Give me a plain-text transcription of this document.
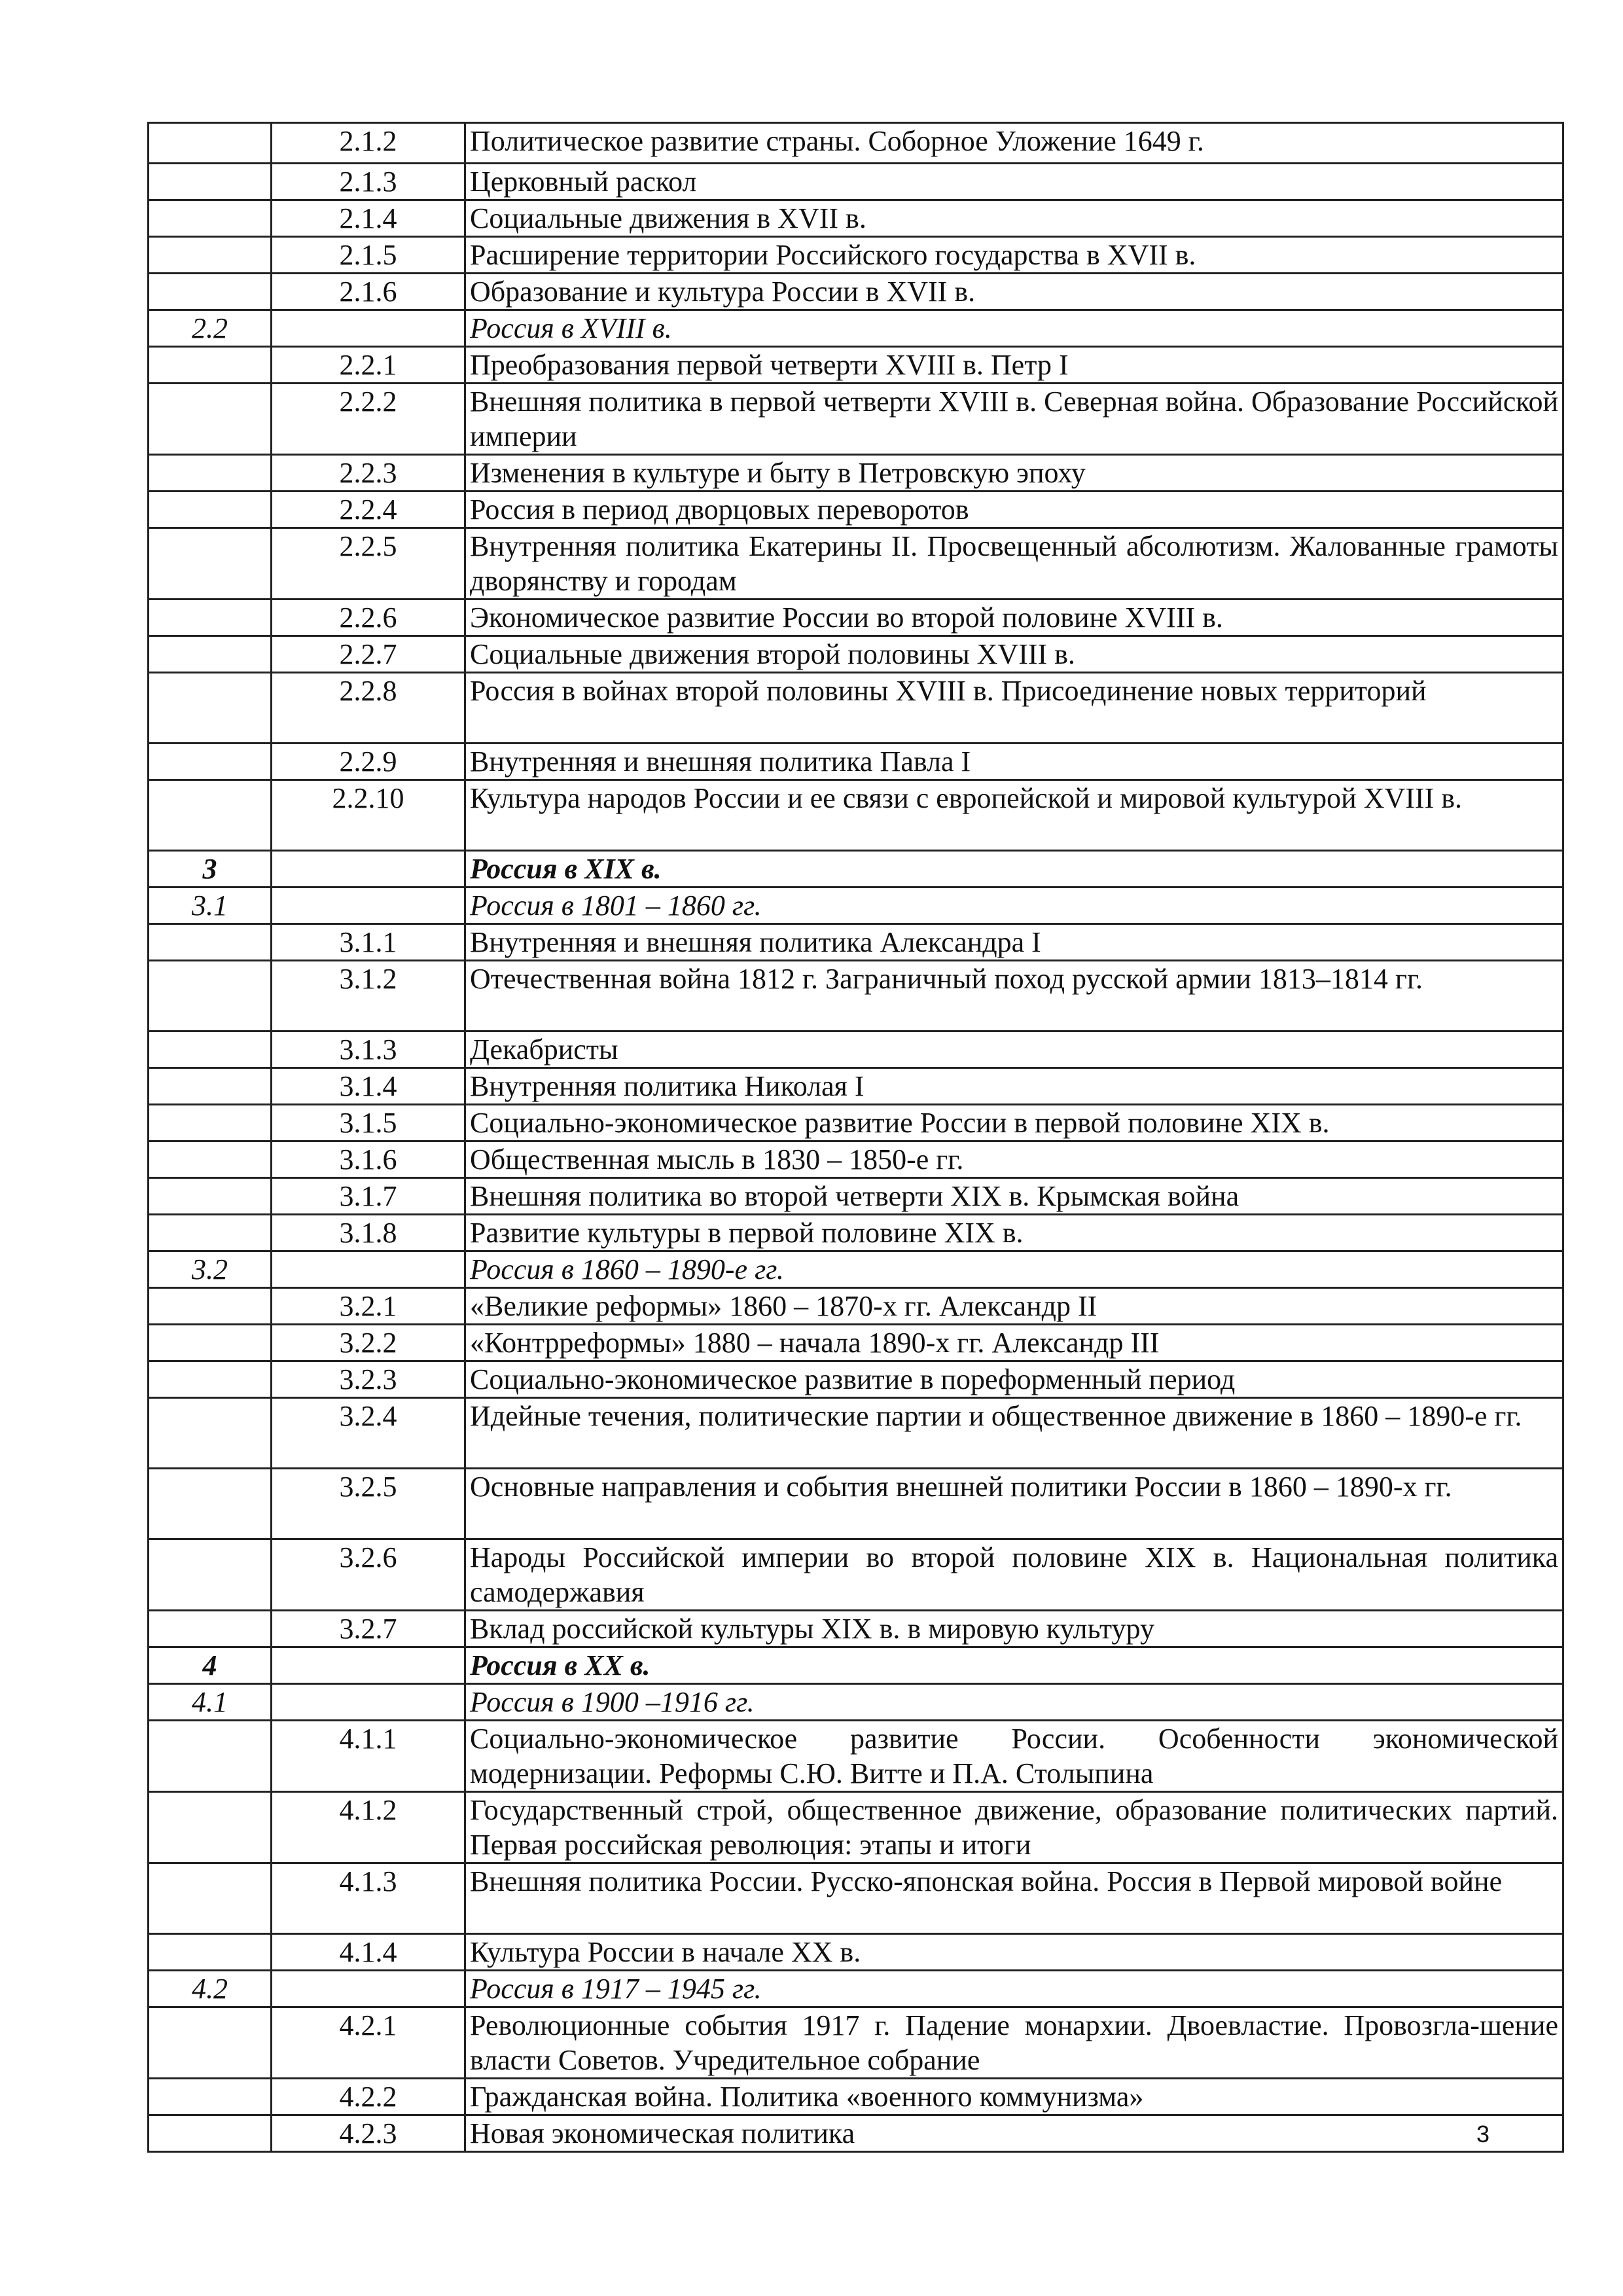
	2.1.2	Политическое развитие страны. Соборное Уложение 1649 г.
	2.1.3	Церковный раскол
	2.1.4	Социальные движения в XVII в.
	2.1.5	Расширение территории Российского государства в XVII в.
	2.1.6	Образование и культура России в XVII в.
2.2		Россия в XVIII в.
	2.2.1	Преобразования первой четверти XVIII в. Петр I
	2.2.2	Внешняя политика в первой четверти XVIII в. Северная война. Образование Российской империи
	2.2.3	Изменения в культуре и быту в Петровскую эпоху
	2.2.4	Россия в период дворцовых переворотов
	2.2.5	Внутренняя политика Екатерины II. Просвещенный абсолютизм. Жалованные грамоты дворянству и городам
	2.2.6	Экономическое развитие России во второй половине XVIII в.
	2.2.7	Социальные движения второй половины XVIII в.
	2.2.8	Россия в войнах второй половины XVIII в. Присоединение новых территорий
	2.2.9	Внутренняя и внешняя политика Павла I
	2.2.10	Культура народов России и ее связи с европейской и мировой культурой XVIII в.
3		Россия в XIX в.
3.1		Россия в 1801 – 1860 гг.
	3.1.1	Внутренняя и внешняя политика Александра I
	3.1.2	Отечественная война 1812 г. Заграничный поход русской армии 1813–1814 гг.
	3.1.3	Декабристы
	3.1.4	Внутренняя политика Николая I
	3.1.5	Социально-экономическое развитие России в первой половине XIX в.
	3.1.6	Общественная мысль в 1830 – 1850-е гг.
	3.1.7	Внешняя политика во второй четверти XIX в. Крымская война
	3.1.8	Развитие культуры в первой половине XIX в.
3.2		Россия в 1860 – 1890-е гг.
	3.2.1	«Великие реформы» 1860 – 1870-х гг. Александр II
	3.2.2	«Контрреформы» 1880 – начала 1890-х гг. Александр III
	3.2.3	Социально-экономическое развитие в пореформенный период
	3.2.4	Идейные течения, политические партии и общественное движение в 1860 – 1890-е гг.
	3.2.5	Основные направления и события внешней политики России в 1860 – 1890-х гг.
	3.2.6	Народы Российской империи во второй половине XIX в. Национальная политика самодержавия
	3.2.7	Вклад российской культуры XIX в. в мировую культуру
4		Россия в XX в.
4.1		Россия в 1900 –1916 гг.
	4.1.1	Социально-экономическое развитие России. Особенности экономической модернизации. Реформы С.Ю. Витте и П.А. Столыпина
	4.1.2	Государственный строй, общественное движение, образование политических партий. Первая российская революция: этапы и итоги
	4.1.3	Внешняя политика России. Русско-японская война. Россия в Первой мировой войне
	4.1.4	Культура России в начале XX в.
4.2		Россия в 1917 – 1945 гг.
	4.2.1	Революционные события 1917 г. Падение монархии. Двоевластие. Провозгла-шение власти Советов. Учредительное собрание
	4.2.2	Гражданская война. Политика «военного коммунизма»
	4.2.3	Новая экономическая политика	3
